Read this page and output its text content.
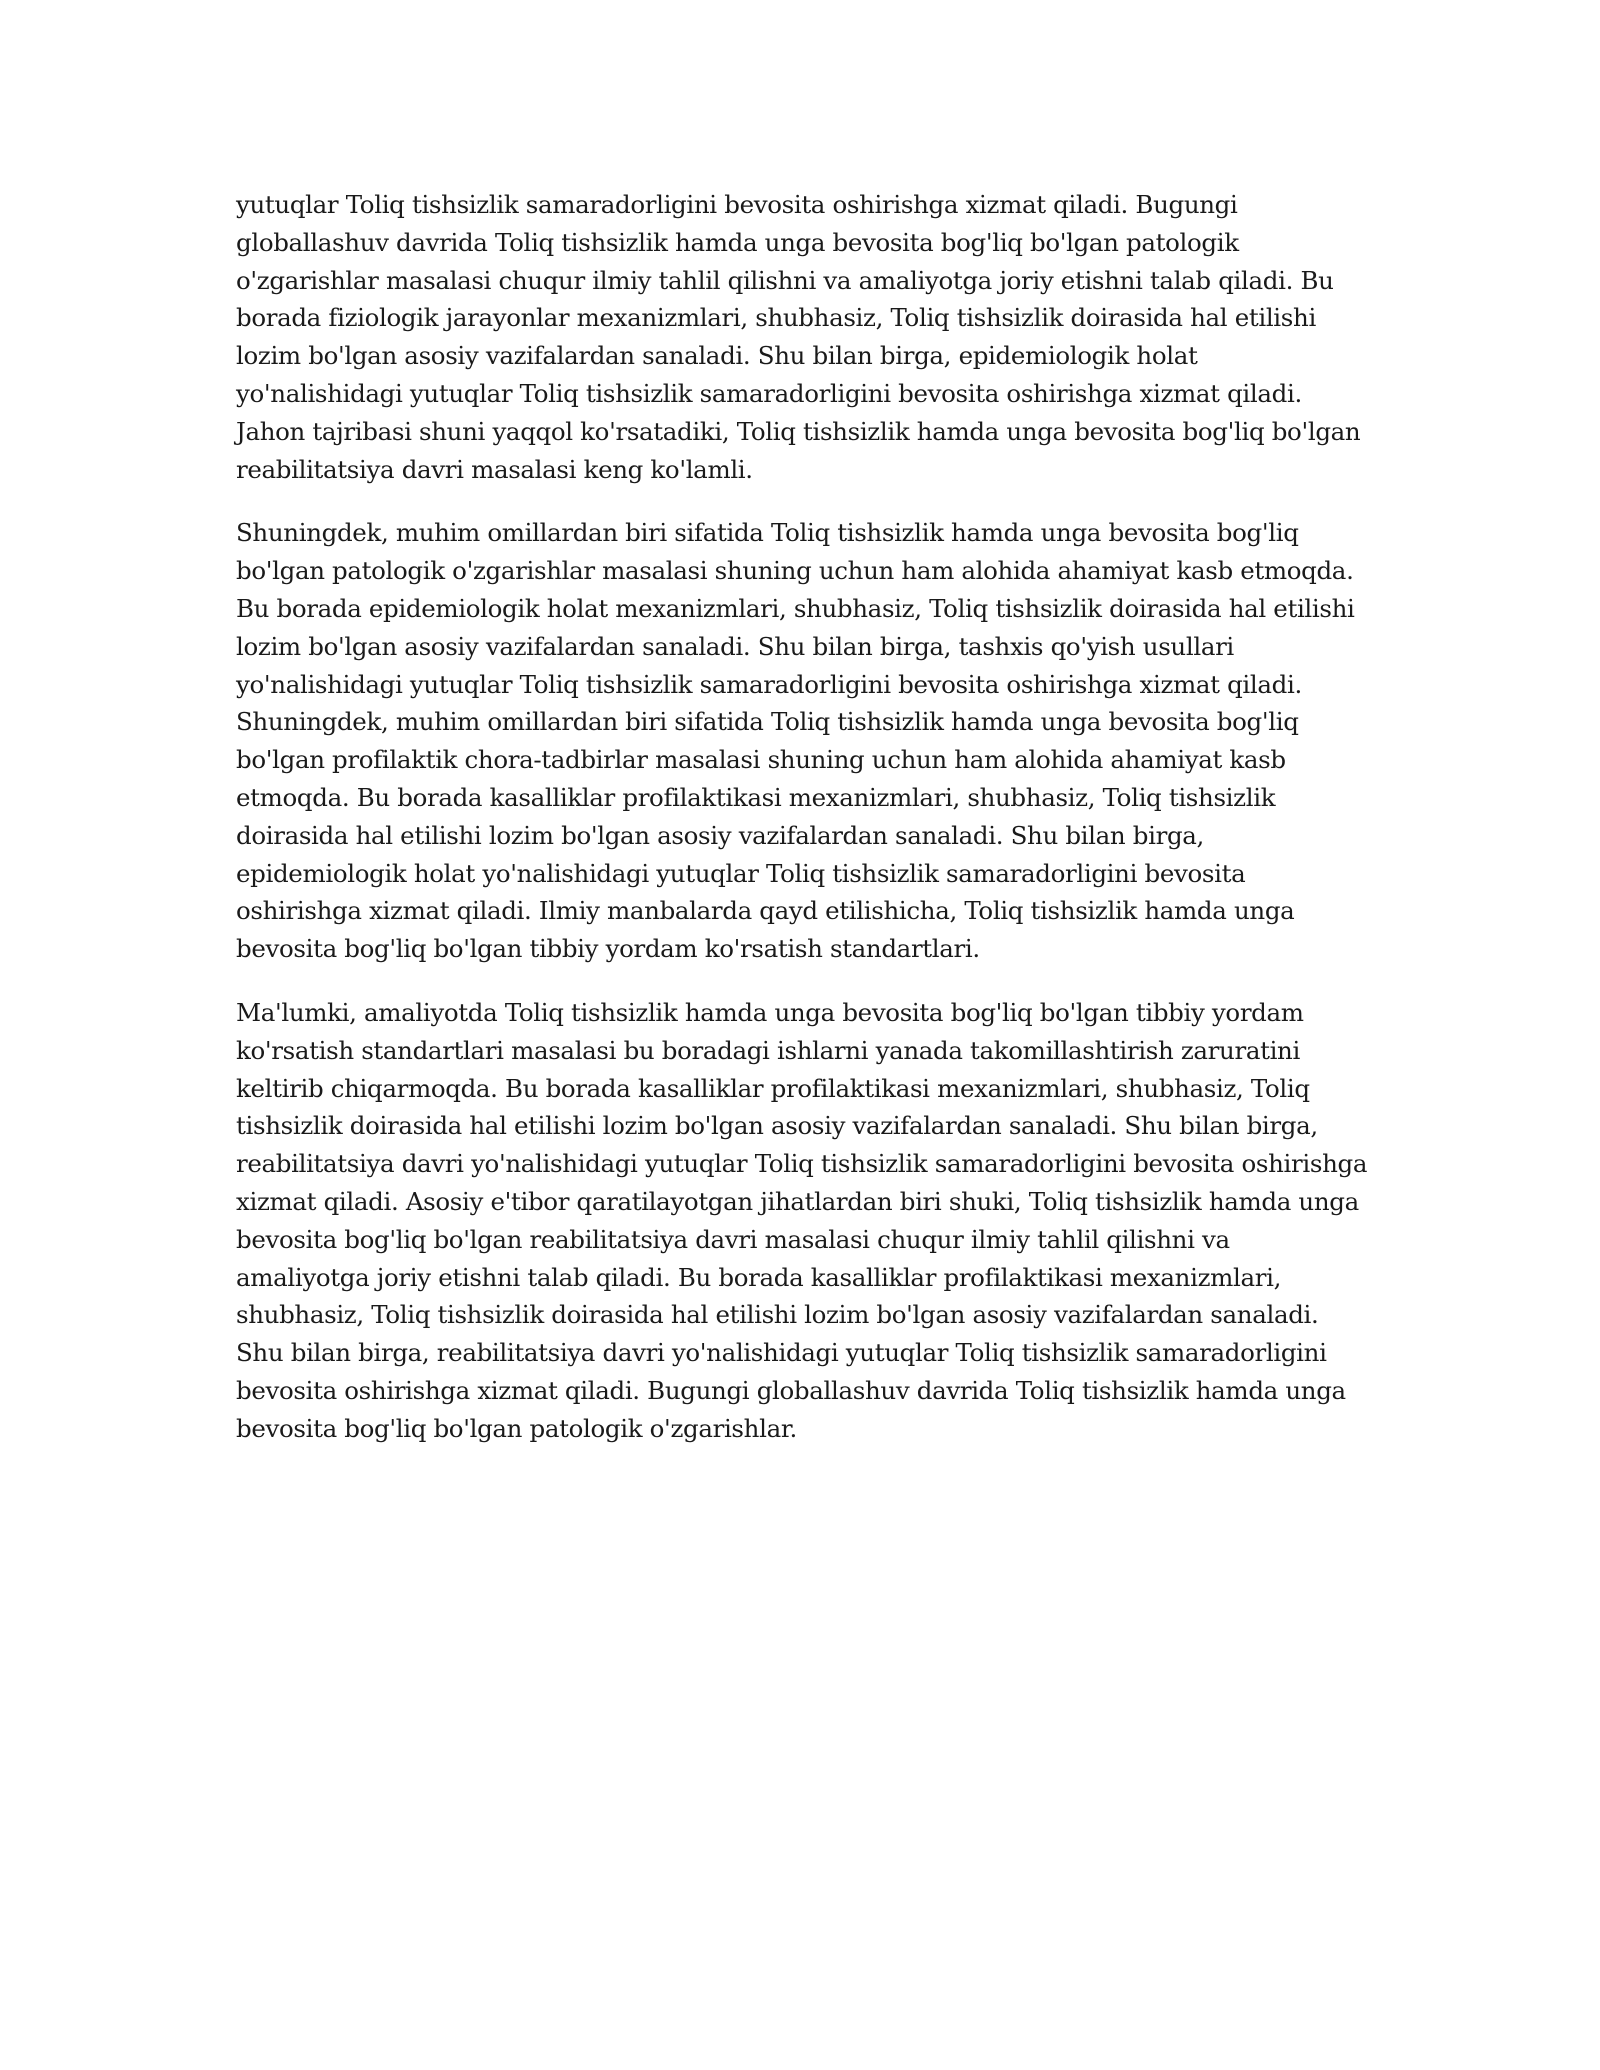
yutuqlar Toliq tishsizlik samaradorligini bevosita oshirishga xizmat qiladi. Bugungi globallashuv davrida Toliq tishsizlik hamda unga bevosita bog'liq bo'lgan patologik o'zgarishlar masalasi chuqur ilmiy tahlil qilishni va amaliyotga joriy etishni talab qiladi. Bu borada fiziologik jarayonlar mexanizmlari, shubhasiz, Toliq tishsizlik doirasida hal etilishi lozim bo'lgan asosiy vazifalardan sanaladi. Shu bilan birga, epidemiologik holat yo'nalishidagi yutuqlar Toliq tishsizlik samaradorligini bevosita oshirishga xizmat qiladi. Jahon tajribasi shuni yaqqol ko'rsatadiki, Toliq tishsizlik hamda unga bevosita bog'liq bo'lgan reabilitatsiya davri masalasi keng ko'lamli.

Shuningdek, muhim omillardan biri sifatida Toliq tishsizlik hamda unga bevosita bog'liq bo'lgan patologik o'zgarishlar masalasi shuning uchun ham alohida ahamiyat kasb etmoqda. Bu borada epidemiologik holat mexanizmlari, shubhasiz, Toliq tishsizlik doirasida hal etilishi lozim bo'lgan asosiy vazifalardan sanaladi. Shu bilan birga, tashxis qo'yish usullari yo'nalishidagi yutuqlar Toliq tishsizlik samaradorligini bevosita oshirishga xizmat qiladi. Shuningdek, muhim omillardan biri sifatida Toliq tishsizlik hamda unga bevosita bog'liq bo'lgan profilaktik chora-tadbirlar masalasi shuning uchun ham alohida ahamiyat kasb etmoqda. Bu borada kasalliklar profilaktikasi mexanizmlari, shubhasiz, Toliq tishsizlik doirasida hal etilishi lozim bo'lgan asosiy vazifalardan sanaladi. Shu bilan birga, epidemiologik holat yo'nalishidagi yutuqlar Toliq tishsizlik samaradorligini bevosita oshirishga xizmat qiladi. Ilmiy manbalarda qayd etilishicha, Toliq tishsizlik hamda unga bevosita bog'liq bo'lgan tibbiy yordam ko'rsatish standartlari.

Ma'lumki, amaliyotda Toliq tishsizlik hamda unga bevosita bog'liq bo'lgan tibbiy yordam ko'rsatish standartlari masalasi bu boradagi ishlarni yanada takomillashtirish zaruratini keltirib chiqarmoqda. Bu borada kasalliklar profilaktikasi mexanizmlari, shubhasiz, Toliq tishsizlik doirasida hal etilishi lozim bo'lgan asosiy vazifalardan sanaladi. Shu bilan birga, reabilitatsiya davri yo'nalishidagi yutuqlar Toliq tishsizlik samaradorligini bevosita oshirishga xizmat qiladi. Asosiy e'tibor qaratilayotgan jihatlardan biri shuki, Toliq tishsizlik hamda unga bevosita bog'liq bo'lgan reabilitatsiya davri masalasi chuqur ilmiy tahlil qilishni va amaliyotga joriy etishni talab qiladi. Bu borada kasalliklar profilaktikasi mexanizmlari, shubhasiz, Toliq tishsizlik doirasida hal etilishi lozim bo'lgan asosiy vazifalardan sanaladi. Shu bilan birga, reabilitatsiya davri yo'nalishidagi yutuqlar Toliq tishsizlik samaradorligini bevosita oshirishga xizmat qiladi. Bugungi globallashuv davrida Toliq tishsizlik hamda unga bevosita bog'liq bo'lgan patologik o'zgarishlar.
